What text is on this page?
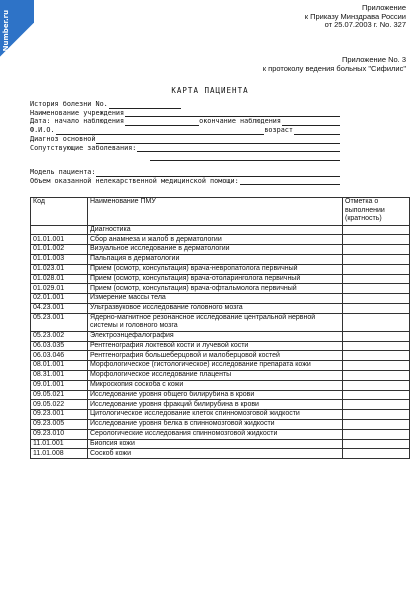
NoNumber.ru
Приложение
к Приказу Минздрава России
от 25.07.2003 г. No. 327
Приложение No. 3
к протоколу ведения больных "Сифилис"
КАРТА ПАЦИЕНТА
История болезни No.
Наименование учреждения
Дата: начало наблюдения	окончание наблюдения
Ф.И.О.	возраст
Диагноз основной
Сопутствующие заболевания:
Модель пациента:
Объем оказанной нелекарственной медицинской помощи:
Код	Наименование ПМУ	Отметка о выполнении (кратность)
	Диагностика	
01.01.001	Сбор анамнеза и жалоб в дерматологии	
01.01.002	Визуальное исследование в дерматологии	
01.01.003	Пальпация в дерматологии	
01.023.01	Прием (осмотр, консультация) врача-невропатолога первичный	
01.028.01	Прием (осмотр, консультация) врача-отоларинголога первичный	
01.029.01	Прием (осмотр, консультация) врача-офтальмолога первичный	
02.01.001	Измерение массы тела	
04.23.001	Ультразвуковое исследование головного мозга	
05.23.001	Ядерно-магнитное резонансное исследование центральной нервной системы и головного мозга	
05.23.002	Электроэнцефалография	
06.03.035	Рентгенография локтевой кости и лучевой кости	
06.03.046	Рентгенография большеберцовой и малоберцовой костей	
08.01.001	Морфологическое (гистологическое) исследование препарата кожи	
08.31.001	Морфологическое исследование плаценты	
09.01.001	Микроскопия соскоба с кожи	
09.05.021	Исследование уровня общего билирубина в крови	
09.05.022	Исследование уровня фракций билирубина в крови	
09.23.001	Цитологическое исследование клеток спинномозговой жидкости	
09.23.005	Исследование уровня белка в спинномозговой жидкости	
09.23.010	Серологические исследования спинномозговой жидкости	
11.01.001	Биопсия кожи	
11.01.008	Соскоб кожи	
